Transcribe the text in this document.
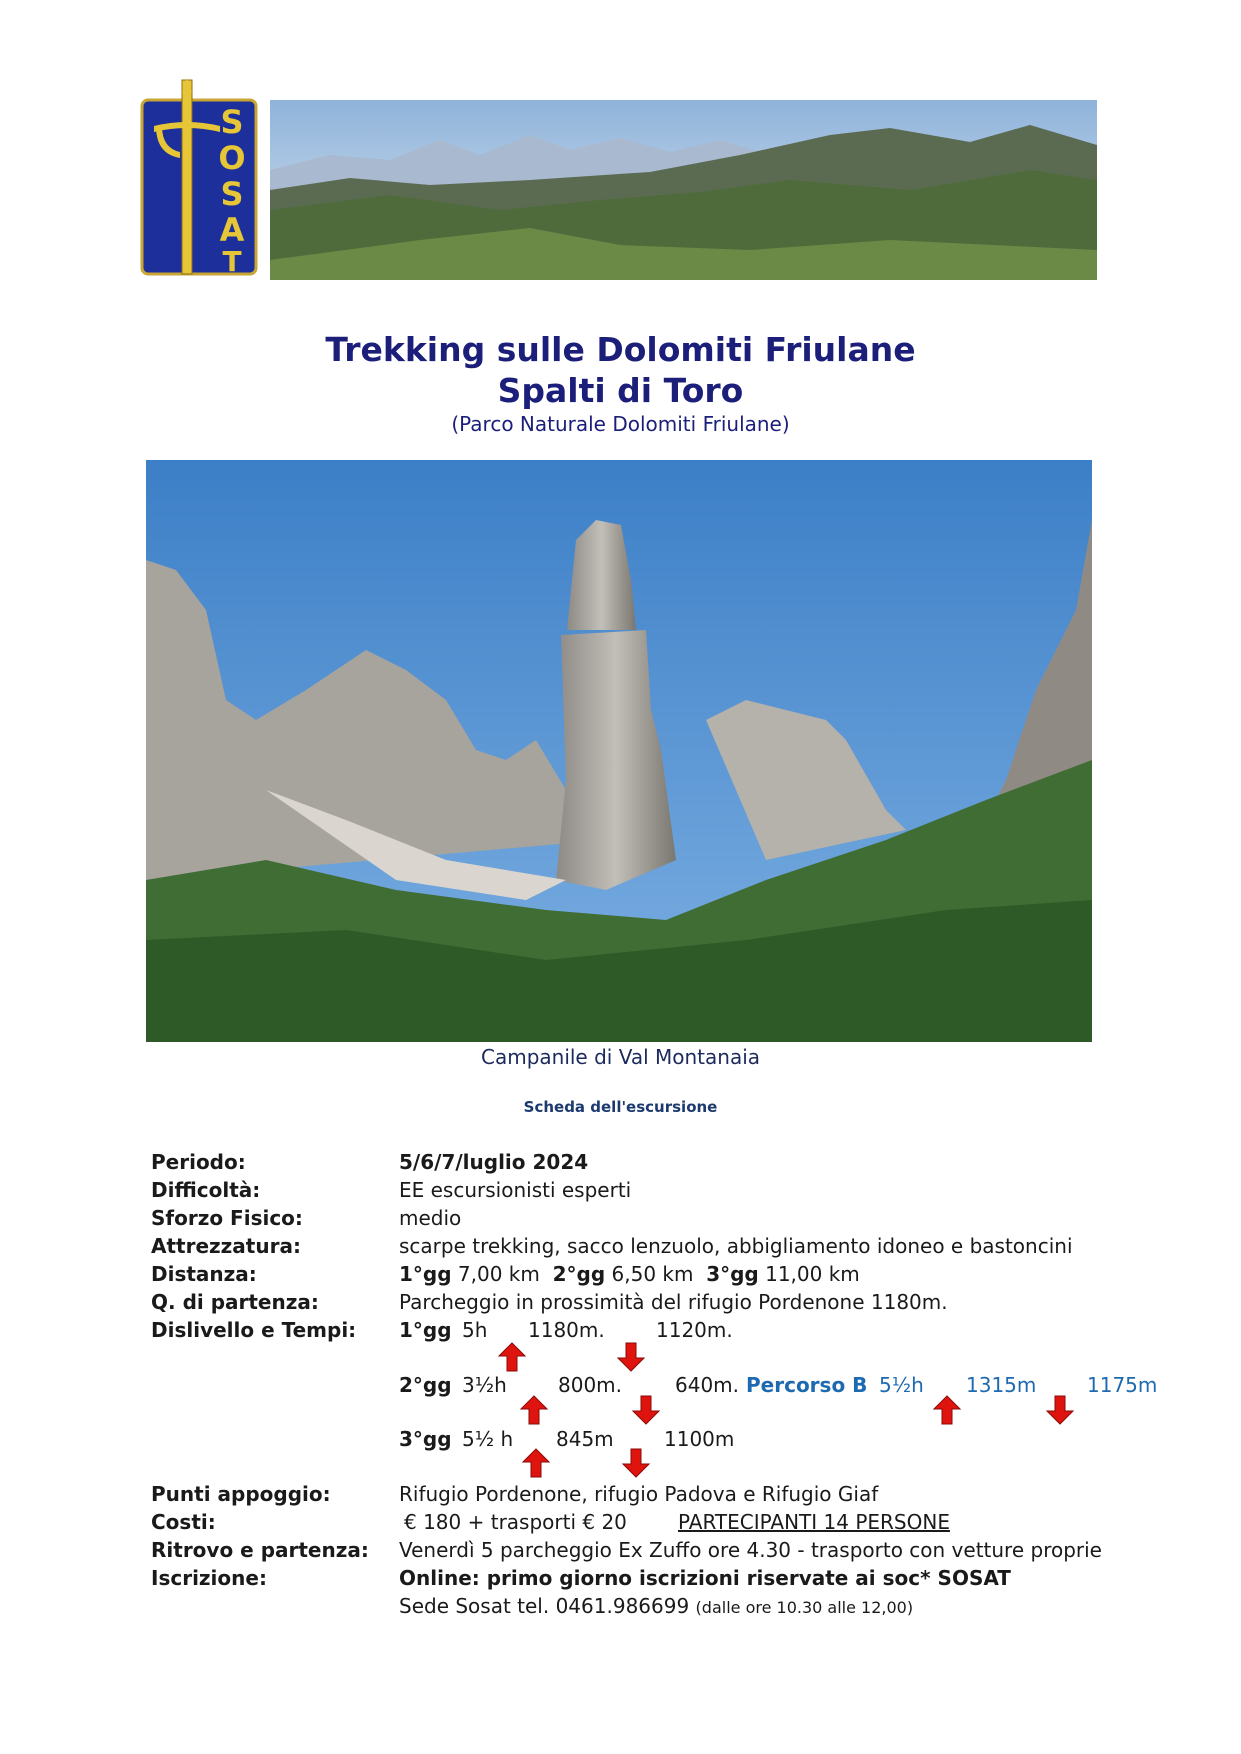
S
O
S
A
T
Trekking sulle Dolomiti Friulane
Spalti di Toro
(Parco Naturale Dolomiti Friulane)
Campanile di Val Montanaia
Scheda dell'escursione
Periodo:	5/6/7/luglio 2024
Difficoltà:	EE escursionisti esperti
Sforzo Fisico:	medio
Attrezzatura:	scarpe trekking, sacco lenzuolo, abbigliamento idoneo e bastoncini
Distanza:	1°gg 7,00 km 2°gg 6,50 km 3°gg 11,00 km
Q. di partenza:	Parcheggio in prossimità del rifugio Pordenone 1180m.
Dislivello e Tempi: 1°gg 5h 1180m.	1120m.
2°gg 3½h	800m.	640m. Percorso B 5½h 1315m	1175m
3°gg 5½ h 845m	1100m
Punti appoggio:	Rifugio Pordenone, rifugio Padova e Rifugio Giaf
Costi:	€ 180 + trasporti € 20	PARTECIPANTI 14 PERSONE
Ritrovo e partenza: Venerdì 5 parcheggio Ex Zuffo ore 4.30 - trasporto con vetture proprie
Iscrizione:	Online: primo giorno iscrizioni riservate ai soc* SOSAT
Sede Sosat tel. 0461.986699 (dalle ore 10.30 alle 12,00)
